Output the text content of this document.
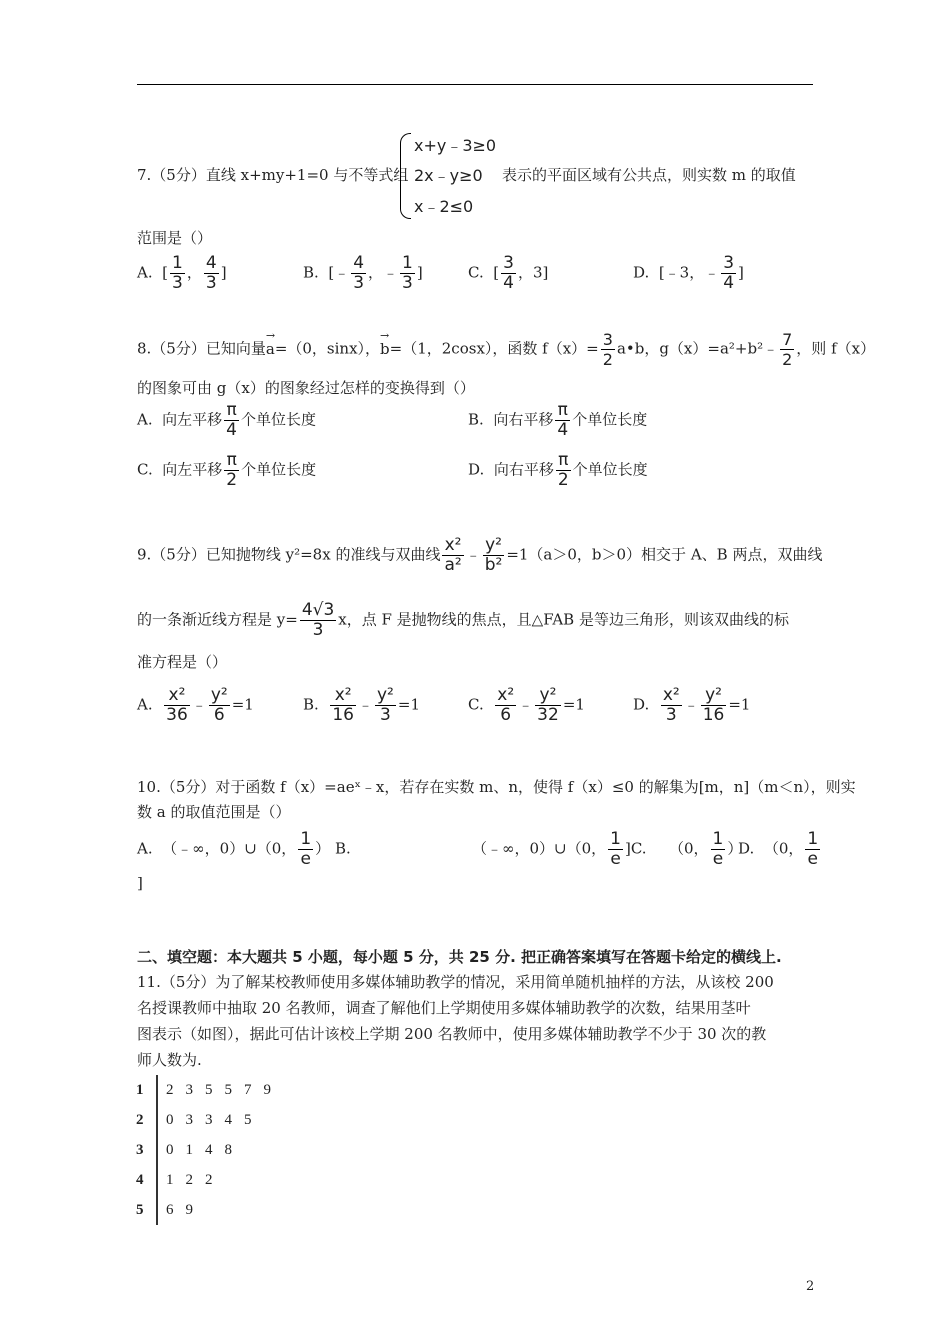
7.（5分）直线 x+my+1=0 与不等式组
x+y﹣3≥0
2x﹣y≥0
x﹣2≤0
表示的平面区域有公共点，则实数 m 的取值
范围是（）
A. [ $\frac{1}{3}$ ， $\frac{4}{3}$ ]	B. [﹣ $\frac{4}{3}$ ，﹣ $\frac{1}{3}$ ]	C. [ $\frac{3}{4}$ ，3]	D. [﹣3，﹣ $\frac{3}{4}$ ]
8.（5分）已知向量→ a=（0，sinx），→ b=（1，2cosx），函数 $f(x)= \frac{3}{2}$ a•b，g（x）=a²+b²﹣ $\frac{7}{2}$ ，则 f（x）
的图象可由 g（x）的图象经过怎样的变换得到（）
A. 向左平移 $\frac{\pi}{4}$ 个单位长度	B. 向右平移 $\frac{\pi}{4}$ 个单位长度
C. 向左平移 $\frac{\pi}{2}$ 个单位长度	D. 向右平移 $\frac{\pi}{2}$ 个单位长度
9.（5分）已知抛物线 y²=8x 的准线与双曲线 $\frac{\text{x²}}{\text{a²}}$ ﹣ $\frac{\text{y²}}{\text{b²}} =1(a>0$，b＞0）相交于 A、B 两点，双曲线
的一条渐近线方程是 $y= \frac{4√3}{3}$ x，点 F 是抛物线的焦点，且△FAB 是等边三角形，则该双曲线的标
准方程是（）
A. $\frac{\text{x²}}{36}$ ﹣ $\frac{\text{y²}}{6} =1$	B. $\frac{\text{x²}}{16}$ ﹣ $\frac{\text{y²}}{3} =1$	C. $\frac{\text{x²}}{6}$ ﹣ $\frac{\text{y²}}{32} =1$	D. $\frac{\text{x²}}{3}$ ﹣ $\frac{\text{y²}}{16} =1$
10.（5分）对于函数 f（x）=aeˣ﹣x，若存在实数 m、n，使得 f（x）≤0 的解集为[m，n]（m＜n），则实
数 a 的取值范围是（）
A. （﹣∞，0）∪（0， $\frac{1}{e}$ ） B.	（﹣∞，0）∪（0， $\frac{1}{e} ]C$. （0， $\frac{1}{e}$ ）
D. （0， $\frac{1}{e}$
]
二、填空题：本大题共 5 小题，每小题 5 分，共 25 分. 把正确答案填写在答题卡给定的横线上.
11.（5分）为了解某校教师使用多媒体辅助教学的情况，采用简单随机抽样的方法，从该校 200
名授课教师中抽取 20 名教师，调查了解他们上学期使用多媒体辅助教学的次数，结果用茎叶
图表示（如图），据此可估计该校上学期 200 名教师中，使用多媒体辅助教学不少于 30 次的教
师人数为.
1	235579
2	03345
3	0148
4	122
5	69
2
